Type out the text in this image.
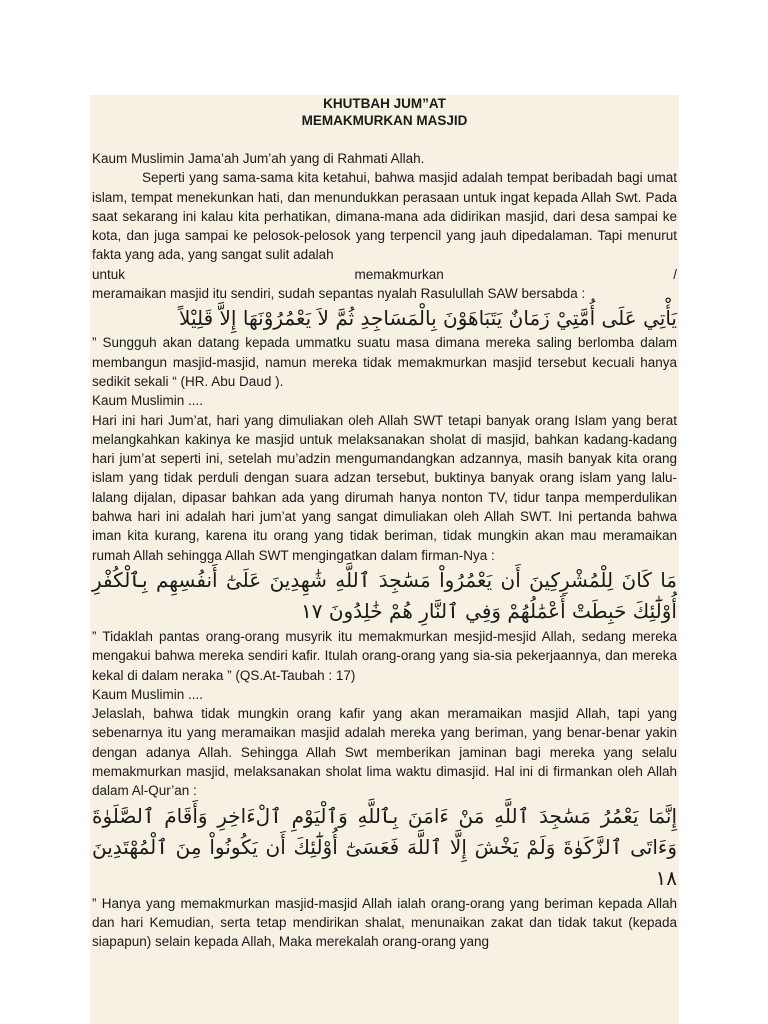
KHUTBAH JUM”AT

MEMAKMURKAN MASJID

Kaum Muslimin Jama’ah Jum’ah yang di Rahmati Allah.

Seperti yang sama-sama kita ketahui, bahwa masjid adalah tempat beribadah bagi umat islam, tempat menekunkan hati, dan menundukkan perasaan untuk ingat kepada Allah Swt. Pada saat sekarang ini kalau kita perhatikan, dimana-mana ada didirikan masjid, dari desa sampai ke kota, dan juga sampai ke pelosok-pelosok yang terpencil yang jauh dipedalaman. Tapi menurut fakta yang ada, yang sangat sulit adalah

untuk	memakmurkan	/

meramaikan masjid itu sendiri, sudah sepantas nyalah Rasulullah SAW bersabda :

يَأْتِي عَلَى أُمَّتِيْ زَمَانٌ يَتَبَاهَوْنَ بِالْمَسَاجِدِ ثُمَّ لاَ يَعْمُرُوْنَهَا إِلاَّ قَلِيْلاً

” Sungguh akan datang kepada ummatku suatu masa dimana mereka saling berlomba dalam membangun masjid-masjid, namun mereka tidak memakmurkan masjid tersebut kecuali hanya sedikit sekali “ (HR. Abu Daud ).

Kaum Muslimin ....

Hari ini hari Jum’at, hari yang dimuliakan oleh Allah SWT tetapi banyak orang Islam yang berat melangkahkan kakinya ke masjid untuk melaksanakan sholat di masjid, bahkan kadang-kadang hari jum’at seperti ini, setelah mu’adzin mengumandangkan adzannya, masih banyak kita orang islam yang tidak perduli dengan suara adzan tersebut, buktinya banyak orang islam yang lalu-lalang dijalan, dipasar bahkan ada yang dirumah hanya nonton TV, tidur tanpa memperdulikan bahwa hari ini adalah hari jum’at yang sangat dimuliakan oleh Allah SWT. Ini pertanda bahwa iman kita kurang, karena itu orang yang tidak beriman, tidak mungkin akan mau meramaikan rumah Allah sehingga Allah SWT mengingatkan dalam firman-Nya :

مَا كَانَ لِلْمُشْرِكِينَ أَن يَعْمُرُواْ مَسَٰجِدَ ٱللَّهِ شَٰهِدِينَ عَلَىٰٓ أَنفُسِهِم بِٱلْكُفْرِ أُوْلَٰٓئِكَ حَبِطَتْ أَعْمَٰلُهُمْ وَفِي ٱلنَّارِ هُمْ خَٰلِدُونَ ١٧

” Tidaklah pantas orang-orang musyrik itu memakmurkan mesjid-mesjid Allah, sedang mereka mengakui bahwa mereka sendiri kafir. Itulah orang-orang yang sia-sia pekerjaannya, dan mereka kekal di dalam neraka ” (QS.At-Taubah : 17)

Kaum Muslimin ....

Jelaslah, bahwa tidak mungkin orang kafir yang akan meramaikan masjid Allah, tapi yang sebenarnya itu yang meramaikan masjid adalah mereka yang beriman, yang benar-benar yakin dengan adanya Allah. Sehingga Allah Swt memberikan jaminan bagi mereka yang selalu memakmurkan masjid, melaksanakan sholat lima waktu dimasjid. Hal ini di firmankan oleh Allah dalam Al-Qur’an :

إِنَّمَا يَعْمُرُ مَسَٰجِدَ ٱللَّهِ مَنْ ءَامَنَ بِٱللَّهِ وَٱلْيَوْمِ ٱلْءَاخِرِ وَأَقَامَ ٱلصَّلَوٰةَ وَءَاتَى ٱلزَّكَوٰةَ وَلَمْ يَخْشَ إِلَّا ٱللَّهَ فَعَسَىٰٓ أُوْلَٰٓئِكَ أَن يَكُونُواْ مِنَ ٱلْمُهْتَدِينَ ١٨

” Hanya yang memakmurkan masjid-masjid Allah ialah orang-orang yang beriman kepada Allah dan hari Kemudian, serta tetap mendirikan shalat, menunaikan zakat dan tidak takut (kepada siapapun) selain kepada Allah, Maka merekalah orang-orang yang
